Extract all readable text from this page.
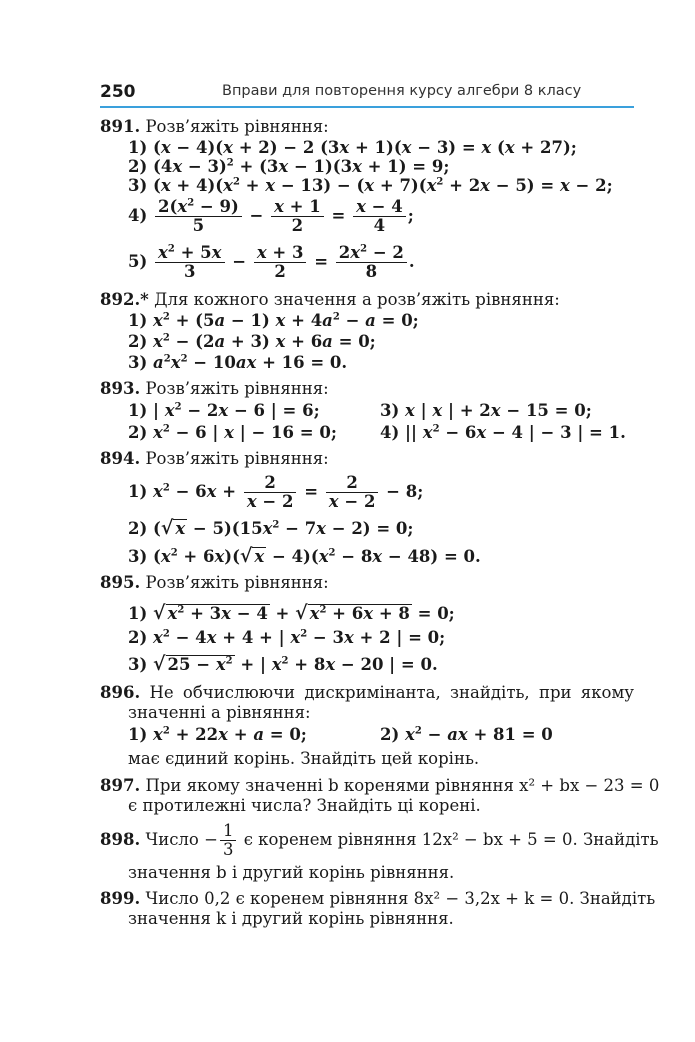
250	Вправи для повторення курсу алгебри 8 класу
891. Розв’яжіть рівняння:
1) (x − 4)(x + 2) − 2 (3x + 1)(x − 3) = x (x + 27);
2) $(4x - 3)^2 + (3x - 1)(3x + 1) = 9$;
3) $(x + 4)(x^2 + x - 13) - (x + 7)(x^2 + 2x - 5) = x - 2$;
$4) \frac{2(x^2 - 9)}{5} - \frac{x + 1}{2} = \frac{x - 4}{4}$ ;
$5) \frac{x^2 + 5x}{3} - \frac{x + 3}{2} = \frac{2x^2 - 2}{8}$ .
892.* Для кожного значення a розв’яжіть рівняння:
1) $x^2 + (5a - 1) x + 4a^2 - a = 0$;
2) $x^2 - (2a + 3) x + 6a = 0$;
3) $a^2x^2 - 10ax + 16 = 0$.
893. Розв’яжіть рівняння:
1) | $x^2 - 2x - 6$ | = 6;	3) x | x | + 2x − 15 = 0;
2) $x^2 - 6$ | x | − 16 = 0;	4) || $x^2 - 6x - 4$ | − 3 | = 1.
894. Розв’яжіть рівняння:
1) $x^2 - 6x + \frac{2}{x - 2} = \frac{2}{x - 2} - 8$;
2) (√ $x - 5)(15x^2 - 7x - 2) = 0$;
3) $(x^2 + 6x)(√$ $x - 4)(x^2 - 8x - 48) = 0$.
895. Розв’яжіть рівняння:
1) √ $x^2 + 3x - 4$ + √ $x^2 + 6x + 8 = 0$;
2) $x^2 - 4x + 4$ + | $x^2 - 3x + 2$ | = 0;
3) √ $25 - x^2$ + | $x^2 + 8x - 20$ | = 0.
896. Не обчислюючи дискримінанта, знайдіть, при якому
значенні a рівняння:
1) $x^2 + 22x + a = 0$;	2) $x^2$ − ax + 81 = 0
має єдиний корінь. Знайдіть цей корінь.
897. При якому значенні b коренями рівняння x² + bx − 23 = 0
є протилежні числа? Знайдіть ці корені.
898. Число − $\frac{1}{3}$ є коренем рівняння 12x² − bx + 5 = 0. Знайдіть
значення b і другий корінь рівняння.
899. Число 0,2 є коренем рівняння 8x² − 3,2x + k = 0. Знайдіть
значення k і другий корінь рівняння.
